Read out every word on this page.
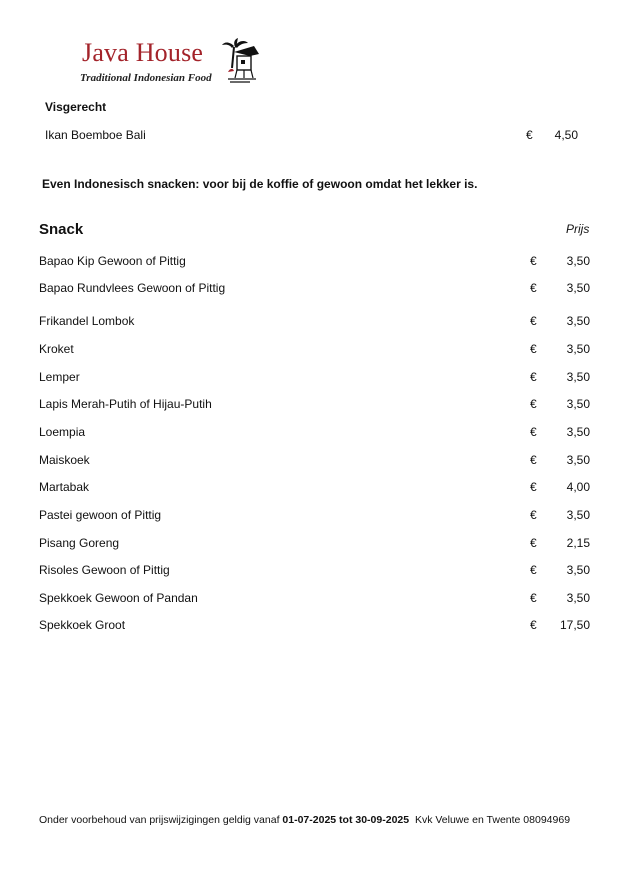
Java House
Traditional Indonesian Food
Visgerecht
Ikan Boemboe Bali	€ 4,50
Even Indonesisch snacken: voor bij de koffie of gewoon omdat het lekker is.
Snack	Prijs
Bapao Kip Gewoon of Pittig	€ 3,50
Bapao Rundvlees Gewoon of Pittig	€ 3,50
Frikandel Lombok	€ 3,50
Kroket	€ 3,50
Lemper	€ 3,50
Lapis Merah-Putih of Hijau-Putih	€ 3,50
Loempia	€ 3,50
Maiskoek	€ 3,50
Martabak	€ 4,00
Pastei gewoon of Pittig	€ 3,50
Pisang Goreng	€ 2,15
Risoles Gewoon of Pittig	€ 3,50
Spekkoek Gewoon of Pandan	€ 3,50
Spekkoek Groot	€ 17,50
Onder voorbehoud van prijswijzigingen geldig vanaf 01-07-2025 tot 30-09-2025 Kvk Veluwe en Twente 08094969
